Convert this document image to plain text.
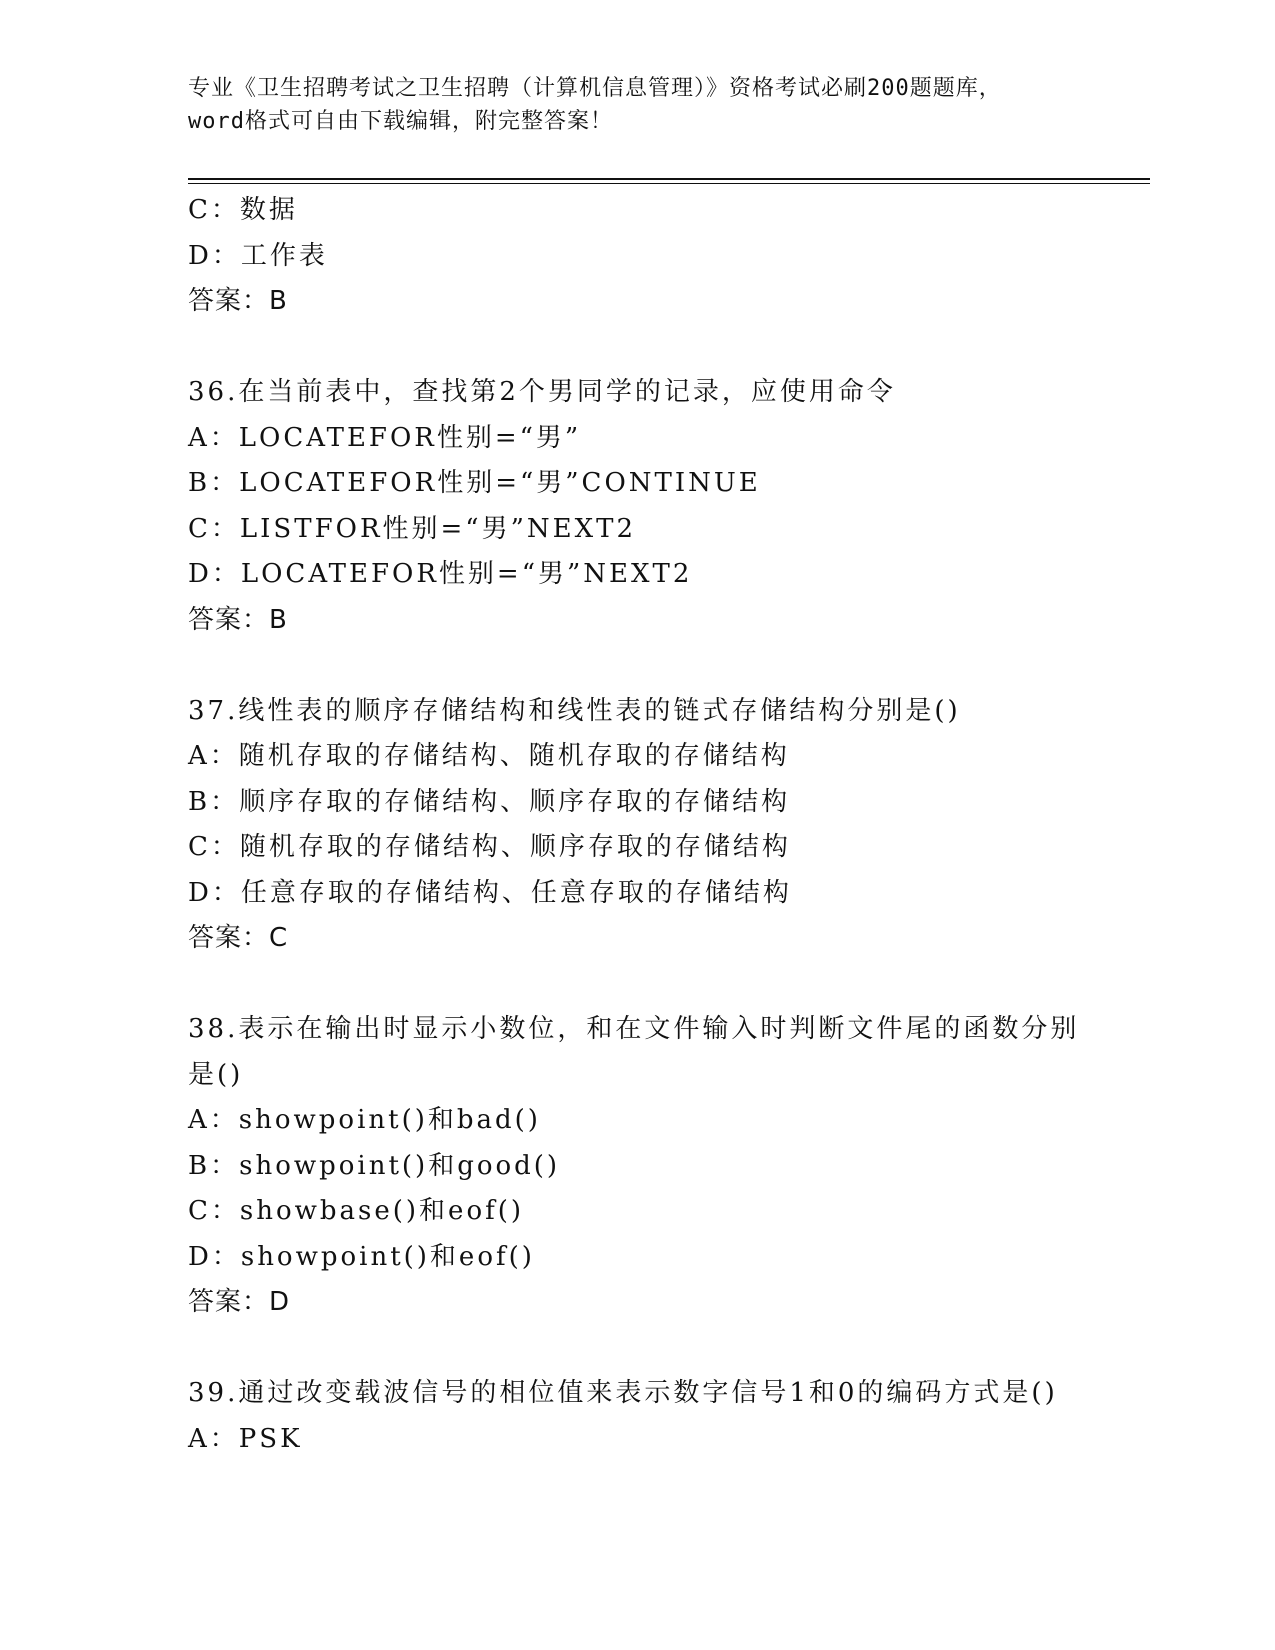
专业《卫生招聘考试之卫生招聘（计算机信息管理）》资格考试必刷200题题库，
word格式可自由下载编辑，附完整答案！
C：数据
D：工作表
答案：B
36.在当前表中，查找第2个男同学的记录，应使用命令
A：LOCATEFOR性别=“男”
B：LOCATEFOR性别=“男”CONTINUE
C：LISTFOR性别=“男”NEXT2
D：LOCATEFOR性别=“男”NEXT2
答案：B
37.线性表的顺序存储结构和线性表的链式存储结构分别是()
A：随机存取的存储结构、随机存取的存储结构
B：顺序存取的存储结构、顺序存取的存储结构
C：随机存取的存储结构、顺序存取的存储结构
D：任意存取的存储结构、任意存取的存储结构
答案：C
38.表示在输出时显示小数位，和在文件输入时判断文件尾的函数分别是()
A：showpoint()和bad()
B：showpoint()和good()
C：showbase()和eof()
D：showpoint()和eof()
答案：D
39.通过改变载波信号的相位值来表示数字信号1和0的编码方式是()
A：PSK
